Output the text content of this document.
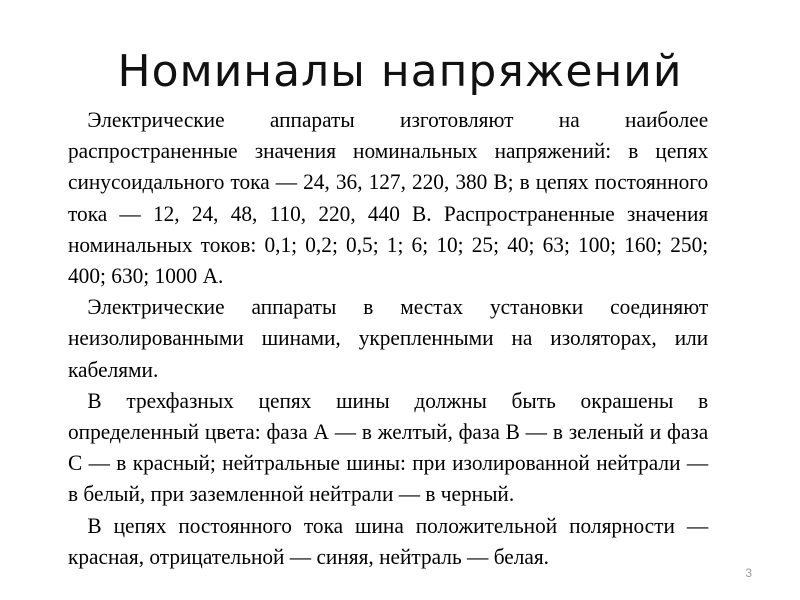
Номиналы напряжений

Электрические аппараты изготовляют на наиболее распространенные значения номинальных напряжений: в цепях синусоидального тока — 24, 36, 127, 220, 380 В; в цепях постоянного тока — 12, 24, 48, 110, 220, 440 В. Распространенные значения номинальных токов: 0,1; 0,2; 0,5; 1; 6; 10; 25; 40; 63; 100; 160; 250; 400; 630; 1000 А.

Электрические аппараты в местах установки соединяют неизолированными шинами, укрепленными на изоляторах, или кабелями.

В трехфазных цепях шины должны быть окрашены в определенный цвета: фаза А — в желтый, фаза В — в зеленый и фаза С — в красный; нейтральные шины: при изолированной нейтрали — в белый, при заземленной нейтрали — в черный.

В цепях постоянного тока шина положительной полярности — красная, отрицательной — синяя, нейтраль — белая.

3
